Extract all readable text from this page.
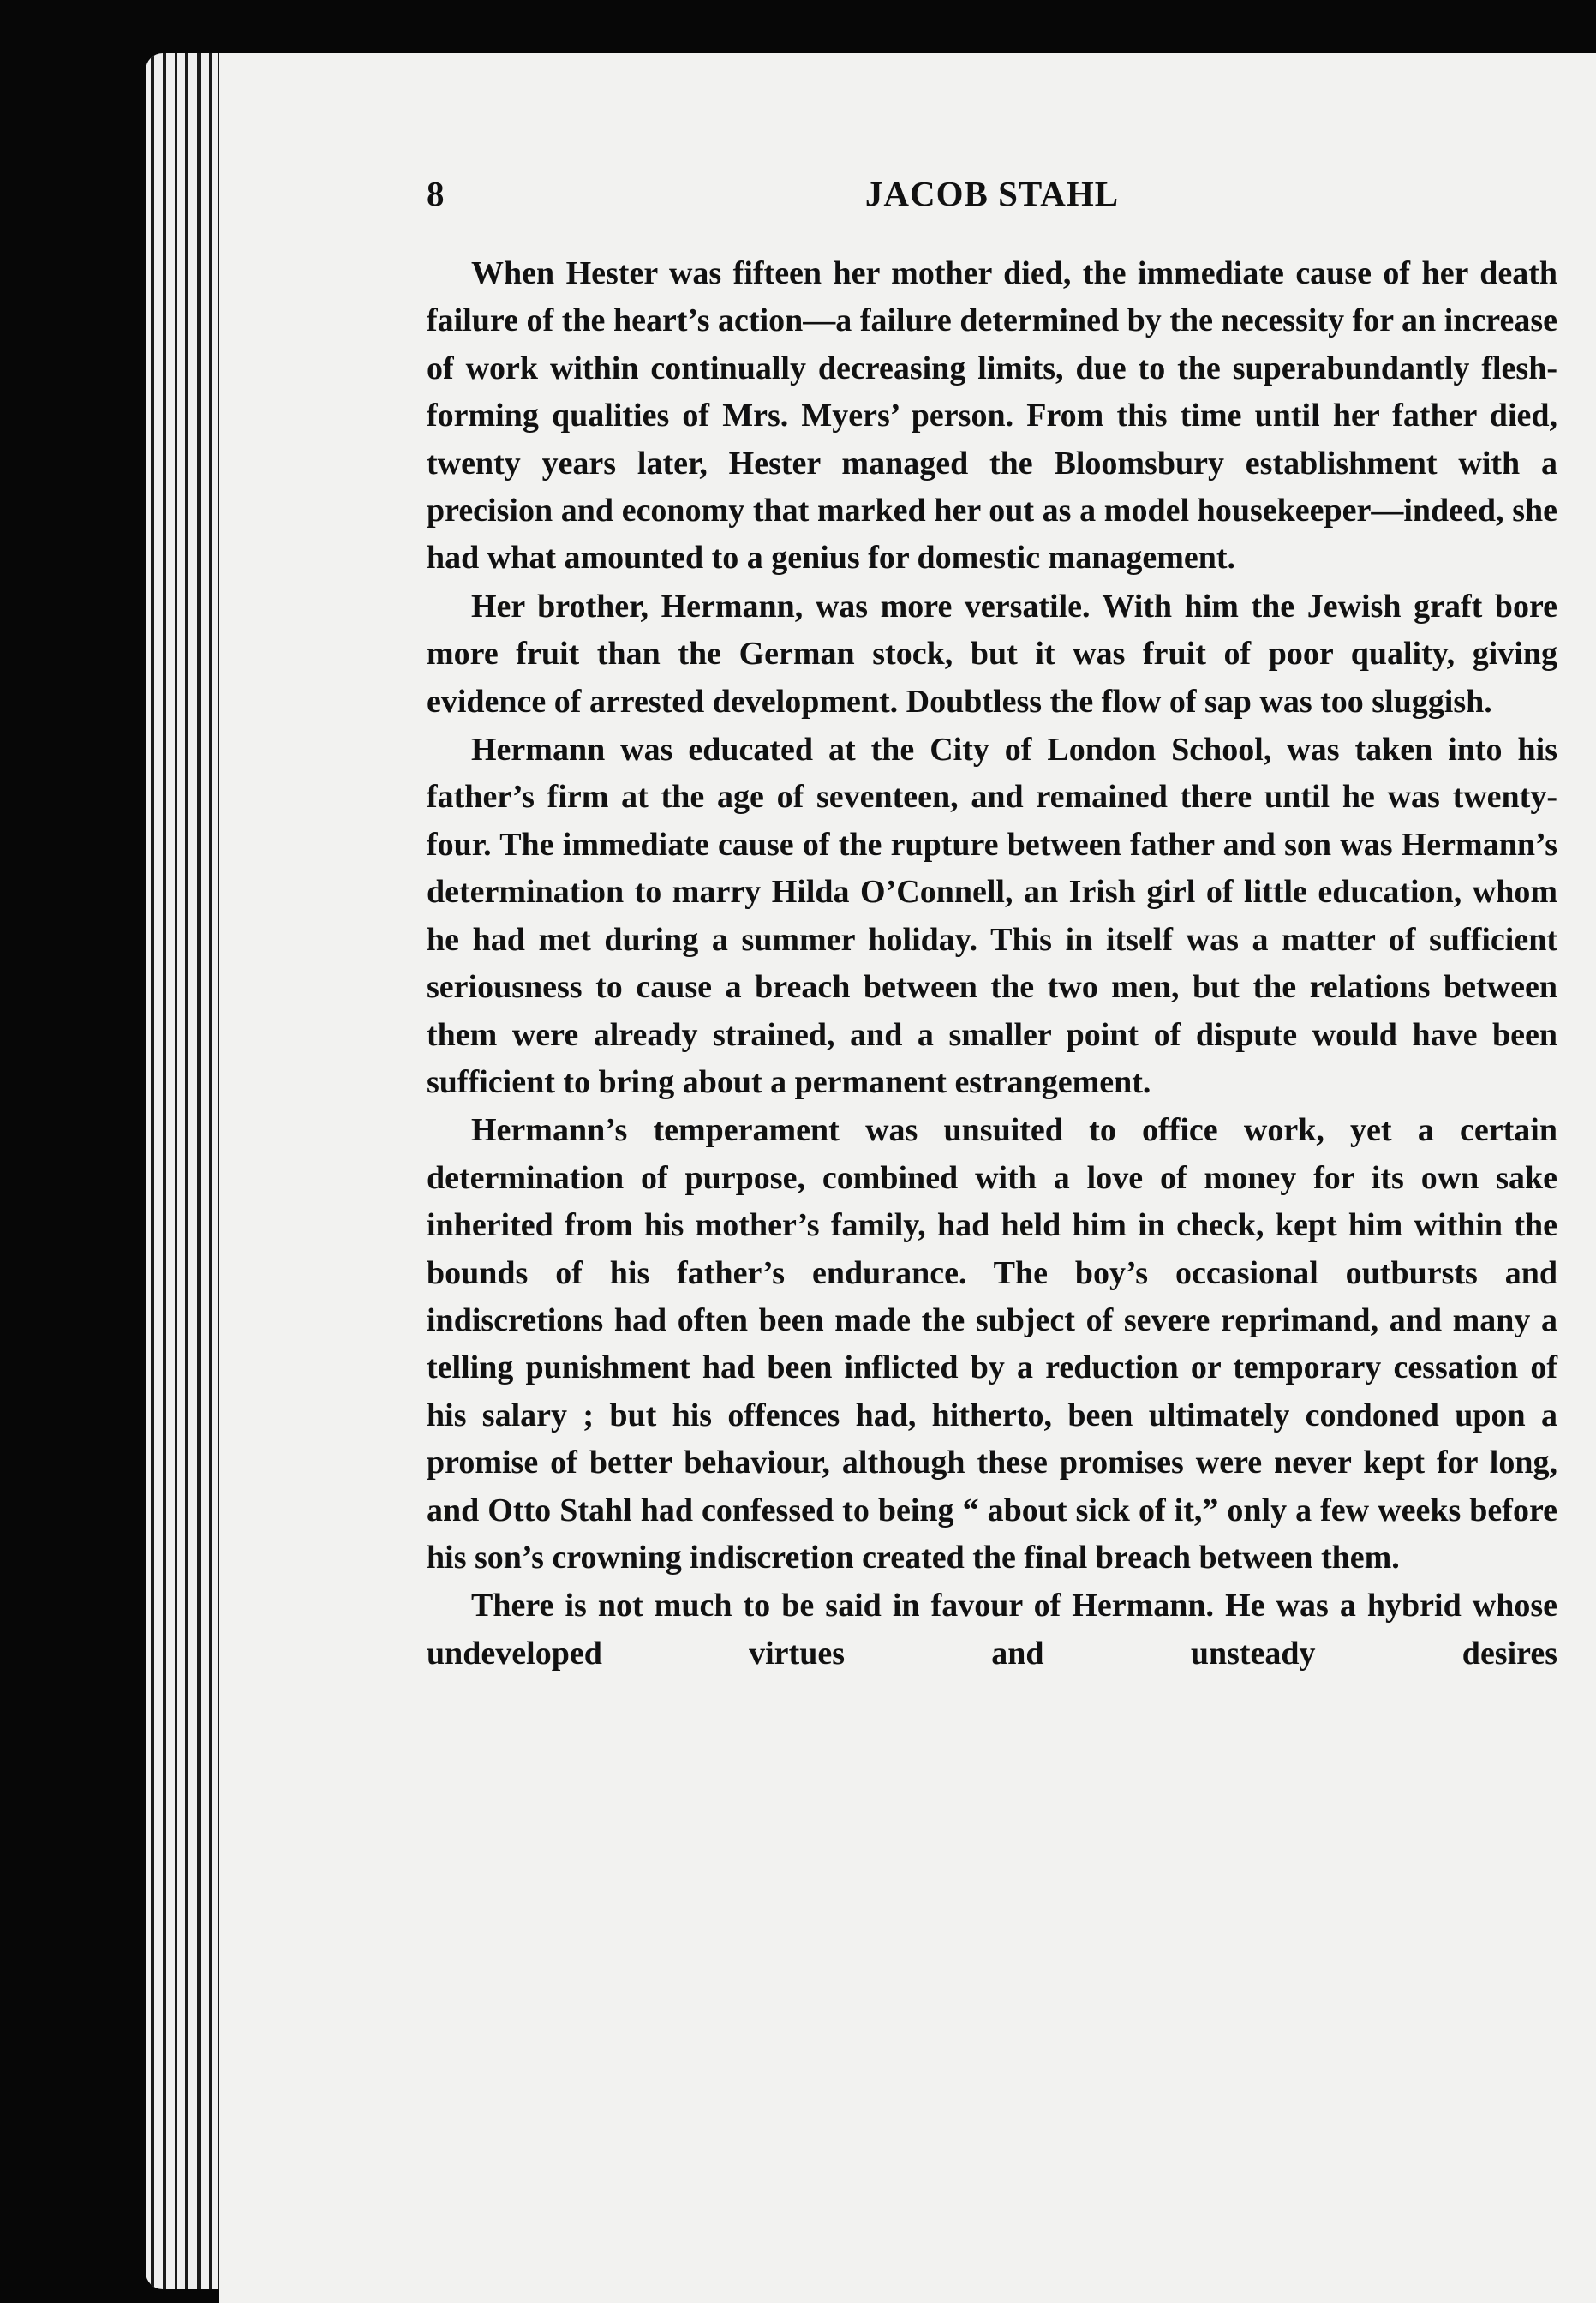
8	JACOB STAHL

When Hester was fifteen her mother died, the immediate cause of her death failure of the heart’s action—a failure determined by the necessity for an increase of work within continually decreasing limits, due to the superabundantly flesh-forming qualities of Mrs. Myers’ person. From this time until her father died, twenty years later, Hester managed the Bloomsbury establishment with a precision and economy that marked her out as a model housekeeper—indeed, she had what amounted to a genius for domestic management.

Her brother, Hermann, was more versatile. With him the Jewish graft bore more fruit than the German stock, but it was fruit of poor quality, giving evidence of arrested development. Doubtless the flow of sap was too sluggish.

Hermann was educated at the City of London School, was taken into his father’s firm at the age of seventeen, and remained there until he was twenty-four. The immediate cause of the rupture between father and son was Hermann’s determination to marry Hilda O’Connell, an Irish girl of little education, whom he had met during a summer holiday. This in itself was a matter of sufficient seriousness to cause a breach between the two men, but the relations between them were already strained, and a smaller point of dispute would have been sufficient to bring about a permanent estrangement.

Hermann’s temperament was unsuited to office work, yet a certain determination of purpose, combined with a love of money for its own sake inherited from his mother’s family, had held him in check, kept him within the bounds of his father’s endurance. The boy’s occasional outbursts and indiscretions had often been made the subject of severe reprimand, and many a telling punishment had been inflicted by a reduction or temporary cessation of his salary ; but his offences had, hitherto, been ultimately condoned upon a promise of better behaviour, although these promises were never kept for long, and Otto Stahl had confessed to being “ about sick of it,” only a few weeks before his son’s crowning indiscretion created the final breach between them.

There is not much to be said in favour of Hermann. He was a hybrid whose undeveloped virtues and unsteady desires
